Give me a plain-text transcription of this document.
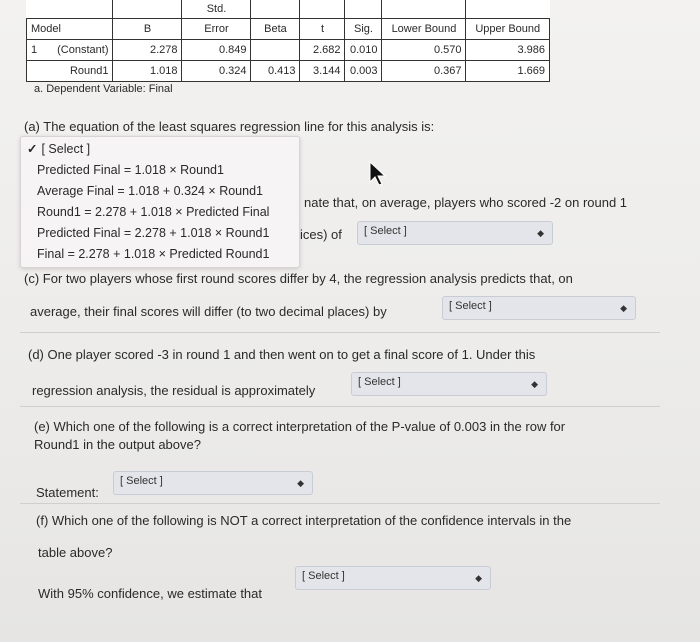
		Std.					
Model	B	Error	Beta	t	Sig.	Lower Bound	Upper Bound
1 (Constant)	2.278	0.849		2.682	0.010	0.570	3.986
Round1	1.018	0.324	0.413	3.144	0.003	0.367	1.669
a. Dependent Variable: Final
(a) The equation of the least squares regression line for this analysis is:
nate that, on average, players who scored -2 on round 1
ices) of	[ Select ]	◆
(c) For two players whose first round scores differ by 4, the regression analysis predicts that, on
average, their final scores will differ (to two decimal places) by	[ Select ]	◆
(d) One player scored -3 in round 1 and then went on to get a final score of 1. Under this
regression analysis, the residual is approximately
[ Select ]	◆
(e) Which one of the following is a correct interpretation of the P-value of 0.003 in the row for
Round1 in the output above?
Statement:
[ Select ]	◆
(f) Which one of the following is NOT a correct interpretation of the confidence intervals in the
table above?
With 95% confidence, we estimate that
[ Select ]	◆
✓ [ Select ]
Predicted Final = 1.018 × Round1
Average Final = 1.018 + 0.324 × Round1
Round1 = 2.278 + 1.018 × Predicted Final
Predicted Final = 2.278 + 1.018 × Round1
Final = 2.278 + 1.018 × Predicted Round1
